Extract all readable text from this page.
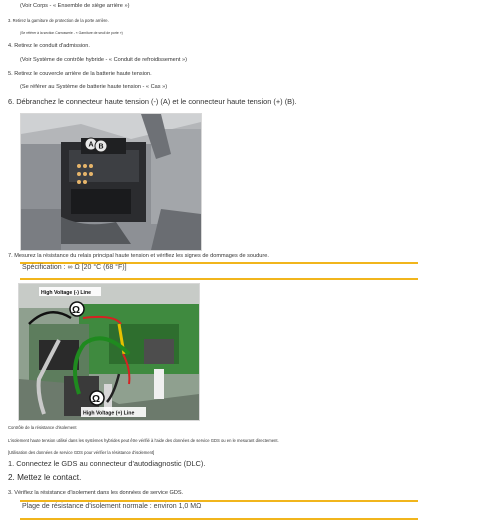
(Voir Corps - « Ensemble de siège arrière »)
3. Retirez la garniture de protection de la porte arrière.
(Se référer à la section Carrosserie - « Garniture de seuil de porte »)
4. Retirez le conduit d'admission.
(Voir Système de contrôle hybride - « Conduit de refroidissement »)
5. Retirez le couvercle arrière de la batterie haute tension.
(Se référer au Système de batterie haute tension - « Cas »)
6. Débranchez le connecteur haute tension (-) (A) et le connecteur haute tension (+) (B).
A B
7. Mesurez la résistance du relais principal haute tension et vérifiez les signes de dommages de soudure.
Spécification : ∞ Ω [20 °C (68 °F)]
Ω
Ω
High Voltage (-) Line
High Voltage (+) Line
Contrôle de la résistance d'isolement
L'isolement haute tension utilisé dans les systèmes hybrides peut être vérifié à l'aide des données de service GDS ou en le mesurant directement.
[Utilisation des données de service GDS pour vérifier la résistance d'isolement]
1. Connectez le GDS au connecteur d'autodiagnostic (DLC).
2. Mettez le contact.
3. Vérifiez la résistance d'isolement dans les données de service GDS.
Plage de résistance d'isolement normale : environ 1,0 MΩ
